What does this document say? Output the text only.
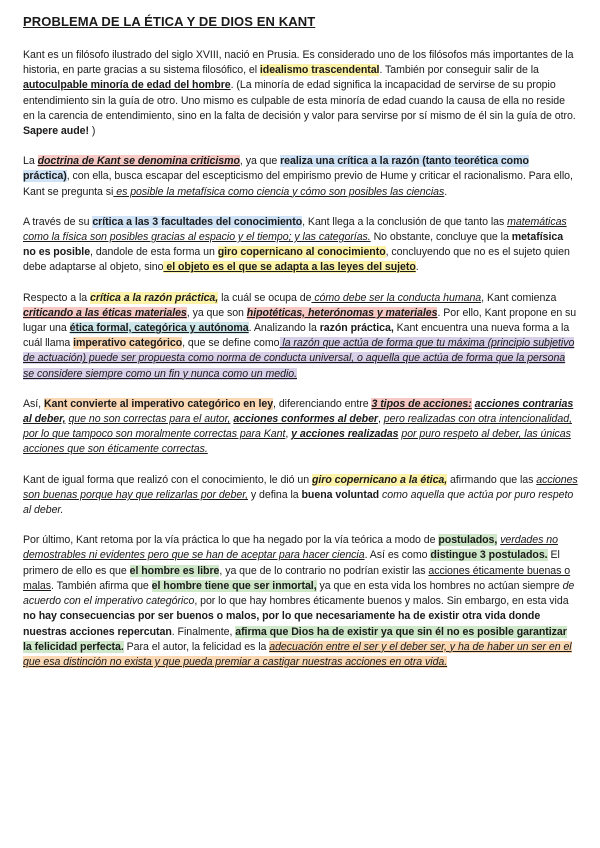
PROBLEMA DE LA ÉTICA Y DE DIOS EN KANT

Kant es un filósofo ilustrado del siglo XVIII, nació en Prusia. Es considerado uno de los filósofos más importantes de la historia, en parte gracias a su sistema filosófico, el idealismo trascendental. También por conseguir salir de la autoculpable minoría de edad del hombre. (La minoría de edad significa la incapacidad de servirse de su propio entendimiento sin la guía de otro. Uno mismo es culpable de esta minoría de edad cuando la causa de ella no reside en la carencia de entendimiento, sino en la falta de decisión y valor para servirse por sí mismo de él sin la guía de otro. Sapere aude! )

La doctrina de Kant se denomina criticismo, ya que realiza una crítica a la razón (tanto teorética como práctica), con ella, busca escapar del escepticismo del empirismo previo de Hume y criticar el racionalismo. Para ello, Kant se pregunta si es posible la metafísica como ciencia y cómo son posibles las ciencias.

A través de su crítica a las 3 facultades del conocimiento, Kant llega a la conclusión de que tanto las matemáticas como la física son posibles gracias al espacio y el tiempo; y las categorías. No obstante, concluye que la metafísica no es posible, dandole de esta forma un giro copernicano al conocimiento, concluyendo que no es el sujeto quien debe adaptarse al objeto, sino el objeto es el que se adapta a las leyes del sujeto.

Respecto a la crítica a la razón práctica, la cuál se ocupa de cómo debe ser la conducta humana, Kant comienza criticando a las éticas materiales, ya que son hipotéticas, heterónomas y materiales. Por ello, Kant propone en su lugar una ética formal, categórica y autónoma. Analizando la razón práctica, Kant encuentra una nueva forma a la cuál llama imperativo categórico, que se define como la razón que actúa de forma que tu máxima (principio subjetivo de actuación) puede ser propuesta como norma de conducta universal, o aquella que actúa de forma que la persona se considere siempre como un fin y nunca como un medio.

Así, Kant convierte al imperativo categórico en ley, diferenciando entre 3 tipos de acciones: acciones contrarias al deber, que no son correctas para el autor, acciones conformes al deber, pero realizadas con otra intencionalidad, por lo que tampoco son moralmente correctas para Kant, y acciones realizadas por puro respeto al deber, las únicas acciones que son éticamente correctas.

Kant de igual forma que realizó con el conocimiento, le dió un giro copernicano a la ética, afirmando que las acciones son buenas porque hay que relizarlas por deber, y defina la buena voluntad como aquella que actúa por puro respeto al deber.

Por último, Kant retoma por la vía práctica lo que ha negado por la vía teórica a modo de postulados, verdades no demostrables ni evidentes pero que se han de aceptar para hacer ciencia. Así es como distingue 3 postulados. El primero de ello es que el hombre es libre, ya que de lo contrario no podrían existir las acciones éticamente buenas o malas. También afirma que el hombre tiene que ser inmortal, ya que en esta vida los hombres no actúan siempre de acuerdo con el imperativo categórico, por lo que hay hombres éticamente buenos y malos. Sin embargo, en esta vida no hay consecuencias por ser buenos o malos, por lo que necesariamente ha de existir otra vida donde nuestras acciones repercutan. Finalmente, afirma que Dios ha de existir ya que sin él no es posible garantizar la felicidad perfecta. Para el autor, la felicidad es la adecuación entre el ser y el deber ser, y ha de haber un ser en el que esa distinción no exista y que pueda premiar a castigar nuestras acciones en otra vida.
